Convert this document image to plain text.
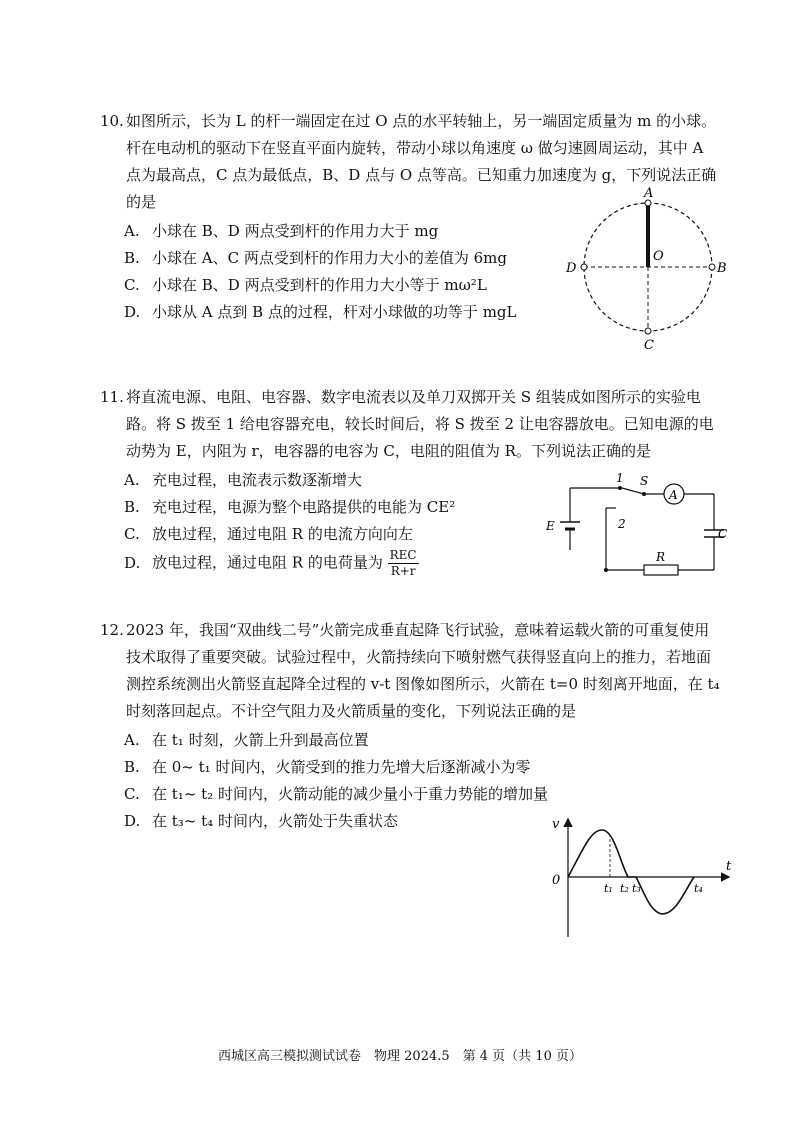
10. 如图所示，长为 L 的杆一端固定在过 O 点的水平转轴上，另一端固定质量为 m 的小球。杆在电动机的驱动下在竖直平面内旋转，带动小球以角速度 ω 做匀速圆周运动，其中 A 点为最高点，C 点为最低点，B、D 点与 O 点等高。已知重力加速度为 g，下列说法正确的是

A. 小球在 B、D 两点受到杆的作用力大于 mg
B. 小球在 A、C 两点受到杆的作用力大小的差值为 6mg
C. 小球在 B、D 两点受到杆的作用力大小等于 mω²L
D. 小球从 A 点到 B 点的过程，杆对小球做的功等于 mgL
A
O
B
C
D

11. 将直流电源、电阻、电容器、数字电流表以及单刀双掷开关 S 组装成如图所示的实验电路。将 S 拨至 1 给电容器充电，较长时间后，将 S 拨至 2 让电容器放电。已知电源的电动势为 E，内阻为 r，电容器的电容为 C，电阻的阻值为 R。下列说法正确的是

A. 充电过程，电流表示数逐渐增大
B. 充电过程，电源为整个电路提供的电能为 CE²
C. 放电过程，通过电阻 R 的电流方向向左
D. 放电过程，通过电阻 R 的电荷量为 $\frac{\text{REC}}{R+r}$
A
1 S
2
E
C
R

12. 2023 年，我国“双曲线二号”火箭完成垂直起降飞行试验，意味着运载火箭的可重复使用技术取得了重要突破。试验过程中，火箭持续向下喷射燃气获得竖直向上的推力，若地面测控系统测出火箭竖直起降全过程的 v-t 图像如图所示，火箭在 t=0 时刻离开地面，在 t₄ 时刻落回起点。不计空气阻力及火箭质量的变化，下列说法正确的是

A. 在 t₁ 时刻，火箭上升到最高位置
B. 在 0~ t₁ 时间内，火箭受到的推力先增大后逐渐减小为零
C. 在 t₁~ t₂ 时间内，火箭动能的减少量小于重力势能的增加量
D. 在 t₃~ t₄ 时间内，火箭处于失重状态	v
t
0
t₁ t₂ t₃	t₄
西城区高三模拟测试试卷　物理 2024.5　第 4 页（共 10 页）
